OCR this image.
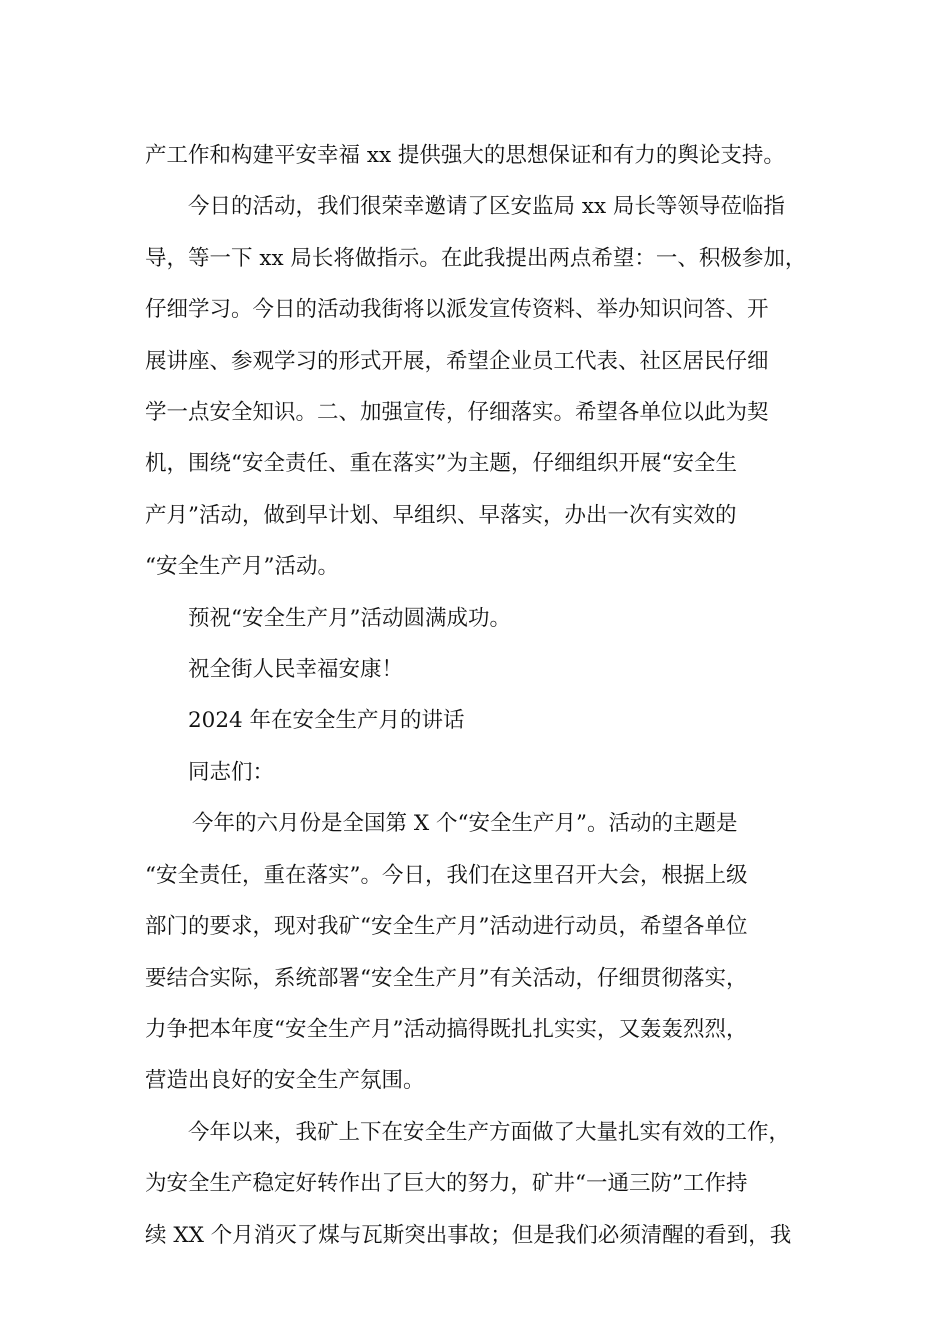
产工作和构建平安幸福 xx 提供强大的思想保证和有力的舆论支持。

今日的活动，我们很荣幸邀请了区安监局 xx 局长等领导莅临指
导，等一下 xx 局长将做指示。在此我提出两点希望：一、积极参加，
仔细学习。今日的活动我街将以派发宣传资料、举办知识问答、开
展讲座、参观学习的形式开展，希望企业员工代表、社区居民仔细
学一点安全知识。二、加强宣传，仔细落实。希望各单位以此为契
机，围绕“安全责任、重在落实”为主题，仔细组织开展“安全生
产月”活动，做到早计划、早组织、早落实，办出一次有实效的
“安全生产月”活动。

预祝“安全生产月”活动圆满成功。

祝全街人民幸福安康！

2024 年在安全生产月的讲话

同志们：

今年的六月份是全国第 X 个“安全生产月”。活动的主题是
“安全责任，重在落实”。今日，我们在这里召开大会，根据上级
部门的要求，现对我矿“安全生产月”活动进行动员，希望各单位
要结合实际，系统部署“安全生产月”有关活动，仔细贯彻落实，
力争把本年度“安全生产月”活动搞得既扎扎实实，又轰轰烈烈，
营造出良好的安全生产氛围。

今年以来，我矿上下在安全生产方面做了大量扎实有效的工作，
为安全生产稳定好转作出了巨大的努力，矿井“一通三防”工作持
续 XX 个月消灭了煤与瓦斯突出事故；但是我们必须清醒的看到，我
